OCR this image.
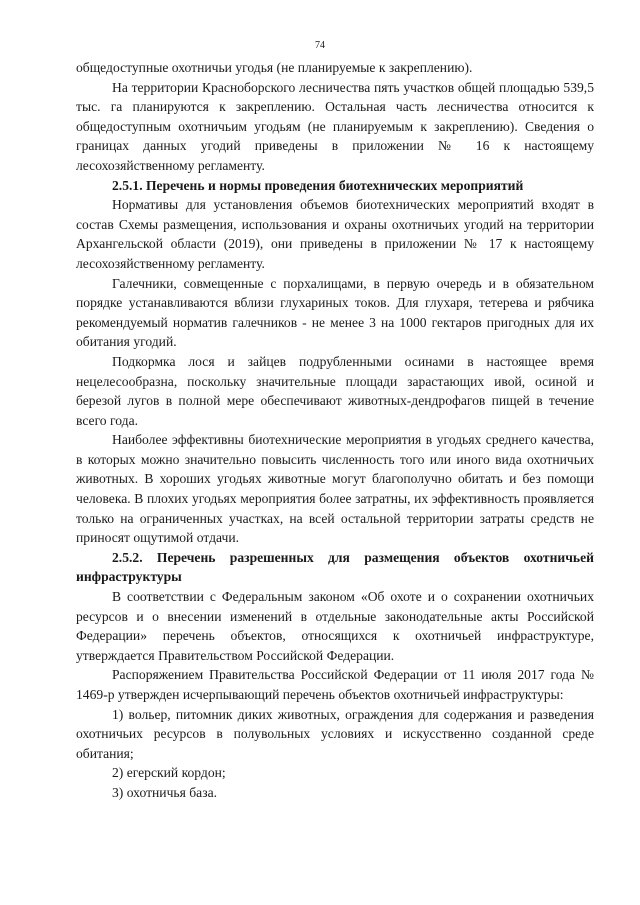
74

общедоступные охотничьи угодья (не планируемые к закреплению).

На территории Красноборского лесничества пять участков общей площадью 539,5 тыс. га планируются к закреплению. Остальная часть лесничества относится к общедоступным охотничьим угодьям (не планируемым к закреплению). Сведения о границах данных угодий приведены в приложении № 16 к настоящему лесохозяйственному регламенту.

2.5.1. Перечень и нормы проведения биотехнических мероприятий

Нормативы для установления объемов биотехнических мероприятий входят в состав Схемы размещения, использования и охраны охотничьих угодий на территории Архангельской области (2019), они приведены в приложении № 17 к настоящему лесохозяйственному регламенту.

Галечники, совмещенные с порхалищами, в первую очередь и в обязательном порядке устанавливаются вблизи глухариных токов. Для глухаря, тетерева и рябчика рекомендуемый норматив галечников - не менее 3 на 1000 гектаров пригодных для их обитания угодий.

Подкормка лося и зайцев подрубленными осинами в настоящее время нецелесообразна, поскольку значительные площади зарастающих ивой, осиной и березой лугов в полной мере обеспечивают животных-дендрофагов пищей в течение всего года.

Наиболее эффективны биотехнические мероприятия в угодьях среднего качества, в которых можно значительно повысить численность того или иного вида охотничьих животных. В хороших угодьях животные могут благополучно обитать и без помощи человека. В плохих угодьях мероприятия более затратны, их эффективность проявляется только на ограниченных участках, на всей остальной территории затраты средств не приносят ощутимой отдачи.

2.5.2. Перечень разрешенных для размещения объектов охотничьей инфраструктуры

В соответствии с Федеральным законом «Об охоте и о сохранении охотничьих ресурсов и о внесении изменений в отдельные законодательные акты Российской Федерации» перечень объектов, относящихся к охотничьей инфраструктуре, утверждается Правительством Российской Федерации.

Распоряжением Правительства Российской Федерации от 11 июля 2017 года № 1469-р утвержден исчерпывающий перечень объектов охотничьей инфраструктуры:

1) вольер, питомник диких животных, ограждения для содержания и разведения охотничьих ресурсов в полувольных условиях и искусственно созданной среде обитания;

2) егерский кордон;

3) охотничья база.
